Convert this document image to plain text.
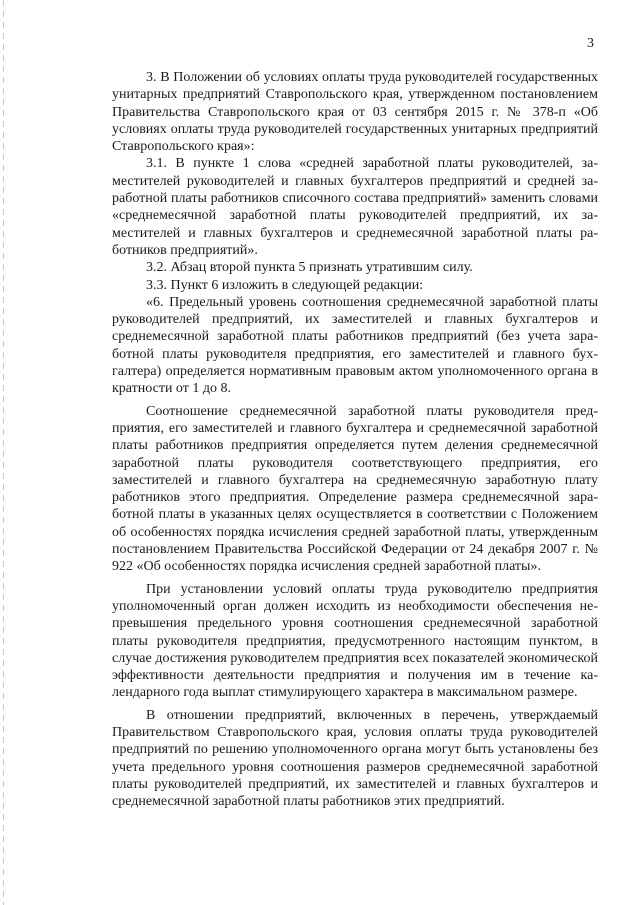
3

3. В Положении об условиях оплаты труда руководителей государственных унитарных предприятий Ставропольского края, утвержденном постановлением Правительства Ставропольского края от 03 сентября 2015 г. № 378-п «Об условиях оплаты труда руководителей государственных унитарных предприятий Ставропольского края»:

3.1. В пункте 1 слова «средней заработной платы руководителей, заместителей руководителей и главных бухгалтеров предприятий и средней заработной платы работников списочного состава предприятий» заменить словами «среднемесячной заработной платы руководителей предприятий, их заместителей и главных бухгалтеров и среднемесячной заработной платы работников предприятий».

3.2. Абзац второй пункта 5 признать утратившим силу.

3.3. Пункт 6 изложить в следующей редакции:

«6. Предельный уровень соотношения среднемесячной заработной платы руководителей предприятий, их заместителей и главных бухгалтеров и среднемесячной заработной платы работников предприятий (без учета заработной платы руководителя предприятия, его заместителей и главного бухгалтера) определяется нормативным правовым актом уполномоченного органа в кратности от 1 до 8.

Соотношение среднемесячной заработной платы руководителя предприятия, его заместителей и главного бухгалтера и среднемесячной заработной платы работников предприятия определяется путем деления среднемесячной заработной платы руководителя соответствующего предприятия, его заместителей и главного бухгалтера на среднемесячную заработную плату работников этого предприятия. Определение размера среднемесячной заработной платы в указанных целях осуществляется в соответствии с Положением об особенностях порядка исчисления средней заработной платы, утвержденным постановлением Правительства Российской Федерации от 24 декабря 2007 г. № 922 «Об особенностях порядка исчисления средней заработной платы».

При установлении условий оплаты труда руководителю предприятия уполномоченный орган должен исходить из необходимости обеспечения непревышения предельного уровня соотношения среднемесячной заработной платы руководителя предприятия, предусмотренного настоящим пунктом, в случае достижения руководителем предприятия всех показателей экономической эффективности деятельности предприятия и получения им в течение календарного года выплат стимулирующего характера в максимальном размере.

В отношении предприятий, включенных в перечень, утверждаемый Правительством Ставропольского края, условия оплаты труда руководителей предприятий по решению уполномоченного органа могут быть установлены без учета предельного уровня соотношения размеров среднемесячной заработной платы руководителей предприятий, их заместителей и главных бухгалтеров и среднемесячной заработной платы работников этих предприятий.
